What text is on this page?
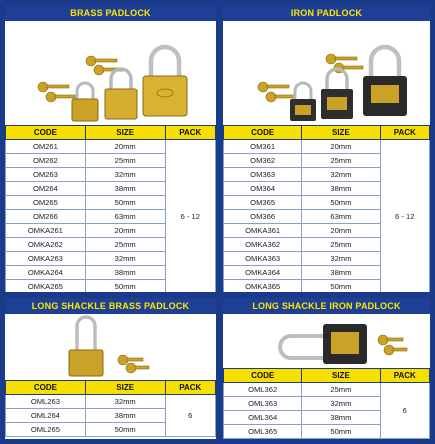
BRASS PADLOCK
CODE	SIZE	PACK
OM261	20mm	6 - 12
OM262	25mm	
OM263	32mm	
OM264	38mm	
OM265	50mm	
OM266	63mm	
OMKA261	20mm	
OMKA262	25mm	
OMKA263	32mm	
OMKA264	38mm	
OMKA265	50mm	
IRON PADLOCK
CODE	SIZE	PACK
OM361	20mm	6 - 12
OM362	25mm	
OM363	32mm	
OM364	38mm	
OM365	50mm	
OM366	63mm	
OMKA361	20mm	
OMKA362	25mm	
OMKA363	32mm	
OMKA364	38mm	
OMKA365	50mm	
LONG SHACKLE BRASS PADLOCK
CODE	SIZE	PACK
OML263	32mm	6
OML264	38mm	
OML265	50mm	
LONG SHACKLE IRON PADLOCK
CODE	SIZE	PACK
OML362	25mm	6
OML363	32mm	
OML364	38mm	
OML365	50mm	
